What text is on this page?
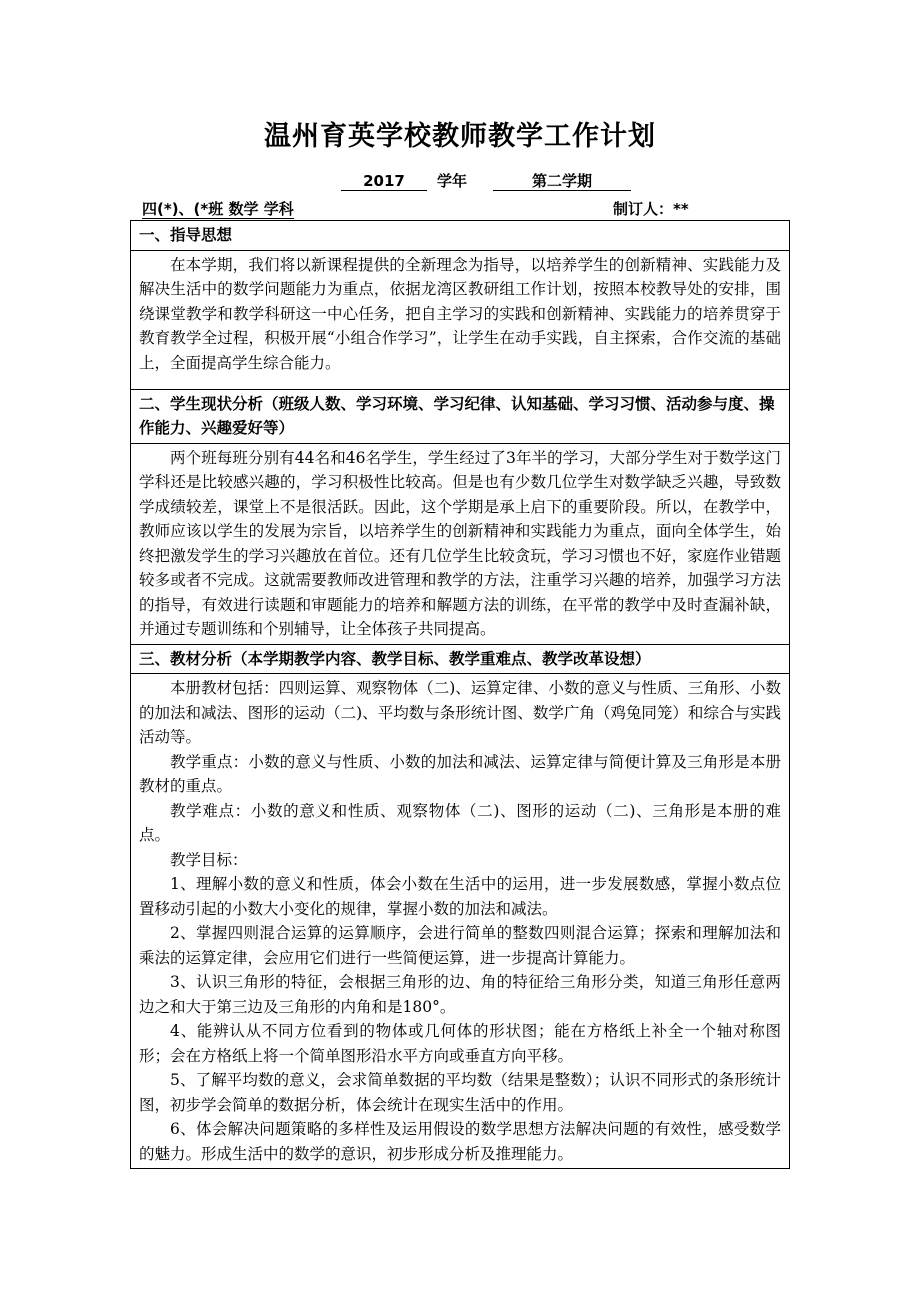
温州育英学校教师教学工作计划
2017 学年	第二学期
四(*)、(*班 数学 学科	制订人：**
一、指导思想

在本学期，我们将以新课程提供的全新理念为指导，以培养学生的创新精神、实践能力及解决生活中的数学问题能力为重点，依据龙湾区教研组工作计划，按照本校教导处的安排，围绕课堂教学和教学科研这一中心任务，把自主学习的实践和创新精神、实践能力的培养贯穿于教育教学全过程，积极开展“小组合作学习”，让学生在动手实践，自主探索，合作交流的基础上，全面提高学生综合能力。

二、学生现状分析（班级人数、学习环境、学习纪律、认知基础、学习习惯、活动参与度、操作能力、兴趣爱好等）

两个班每班分别有44名和46名学生，学生经过了3年半的学习，大部分学生对于数学这门学科还是比较感兴趣的，学习积极性比较高。但是也有少数几位学生对数学缺乏兴趣，导致数学成绩较差，课堂上不是很活跃。因此，这个学期是承上启下的重要阶段。所以，在教学中，教师应该以学生的发展为宗旨，以培养学生的创新精神和实践能力为重点，面向全体学生，始终把激发学生的学习兴趣放在首位。还有几位学生比较贪玩，学习习惯也不好，家庭作业错题较多或者不完成。这就需要教师改进管理和教学的方法，注重学习兴趣的培养，加强学习方法的指导，有效进行读题和审题能力的培养和解题方法的训练，在平常的教学中及时查漏补缺，并通过专题训练和个别辅导，让全体孩子共同提高。

三、教材分析（本学期教学内容、教学目标、教学重难点、教学改革设想）

本册教材包括：四则运算、观察物体（二)、运算定律、小数的意义与性质、三角形、小数的加法和减法、图形的运动（二)、平均数与条形统计图、数学广角（鸡兔同笼）和综合与实践活动等。

教学重点：小数的意义与性质、小数的加法和减法、运算定律与简便计算及三角形是本册教材的重点。

教学难点：小数的意义和性质、观察物体（二)、图形的运动（二)、三角形是本册的难点。

教学目标：

1、理解小数的意义和性质，体会小数在生活中的运用，进一步发展数感，掌握小数点位置移动引起的小数大小变化的规律，掌握小数的加法和减法。

2、掌握四则混合运算的运算顺序，会进行简单的整数四则混合运算；探索和理解加法和乘法的运算定律，会应用它们进行一些简便运算，进一步提高计算能力。

3、认识三角形的特征，会根据三角形的边、角的特征给三角形分类，知道三角形任意两边之和大于第三边及三角形的内角和是180°。

4、能辨认从不同方位看到的物体或几何体的形状图；能在方格纸上补全一个轴对称图形；会在方格纸上将一个简单图形沿水平方向或垂直方向平移。

5、了解平均数的意义，会求简单数据的平均数（结果是整数）；认识不同形式的条形统计图，初步学会简单的数据分析，体会统计在现实生活中的作用。

6、体会解决问题策略的多样性及运用假设的数学思想方法解决问题的有效性，感受数学的魅力。形成生活中的数学的意识，初步形成分析及推理能力。
